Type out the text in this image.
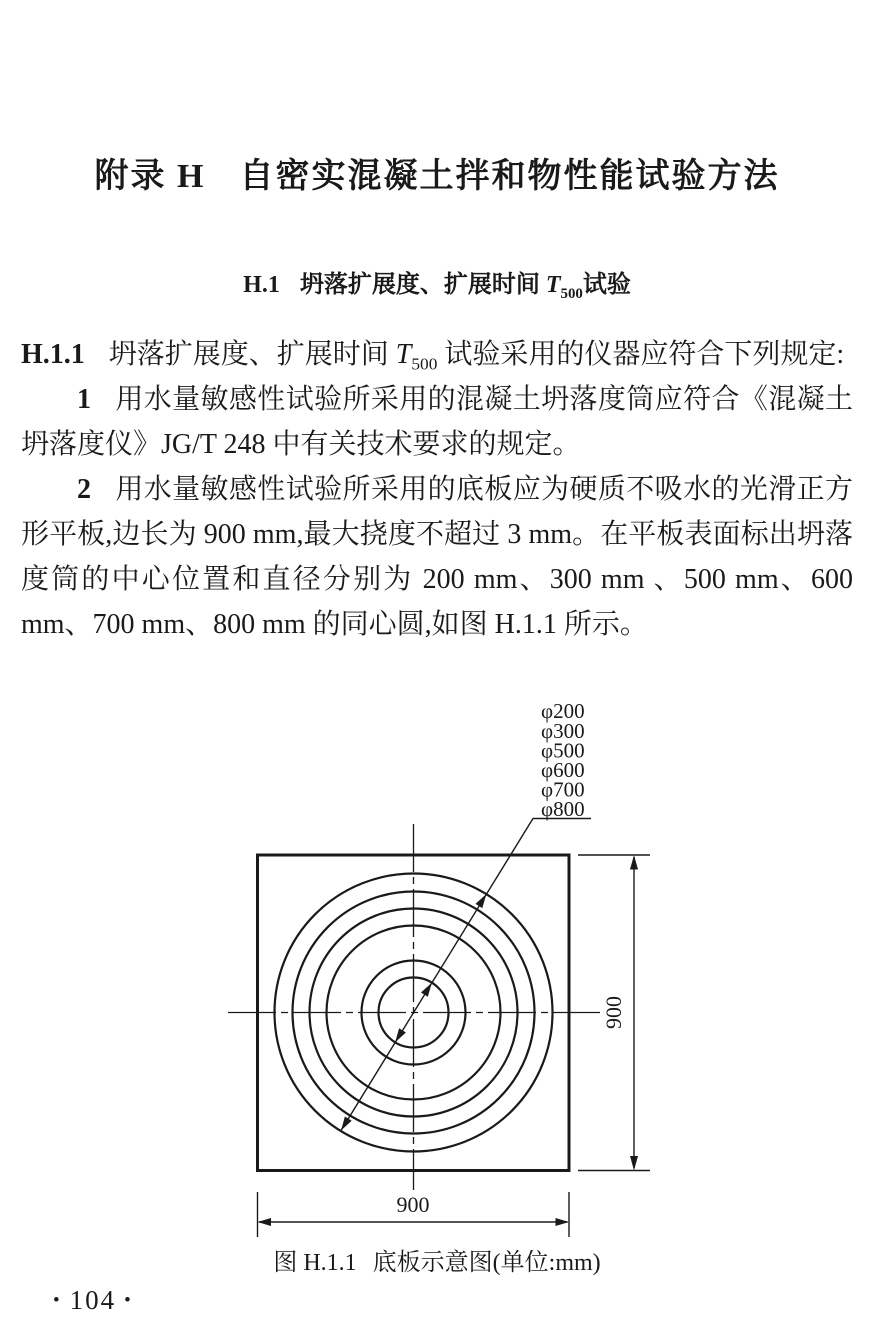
附录 H 自密实混凝土拌和物性能试验方法
H.1 坍落扩展度、扩展时间 $T_{500}$试验

H.1.1 坍落扩展度、扩展时间 $T_{500}$ 试验采用的仪器应符合下列规定:

1 用水量敏感性试验所采用的混凝土坍落度筒应符合《混凝土坍落度仪》JG/T 248 中有关技术要求的规定。

2 用水量敏感性试验所采用的底板应为硬质不吸水的光滑正方形平板,边长为 900 mm,最大挠度不超过 3 mm。在平板表面标出坍落度筒的中心位置和直径分别为 200 mm、300 mm 、500 mm、600 mm、700 mm、800 mm 的同心圆,如图 H.1.1 所示。

φ200
φ300
φ500
φ600
φ700
φ800
900
900
图 H.1.1 底板示意图(单位:mm)
• 104 •
